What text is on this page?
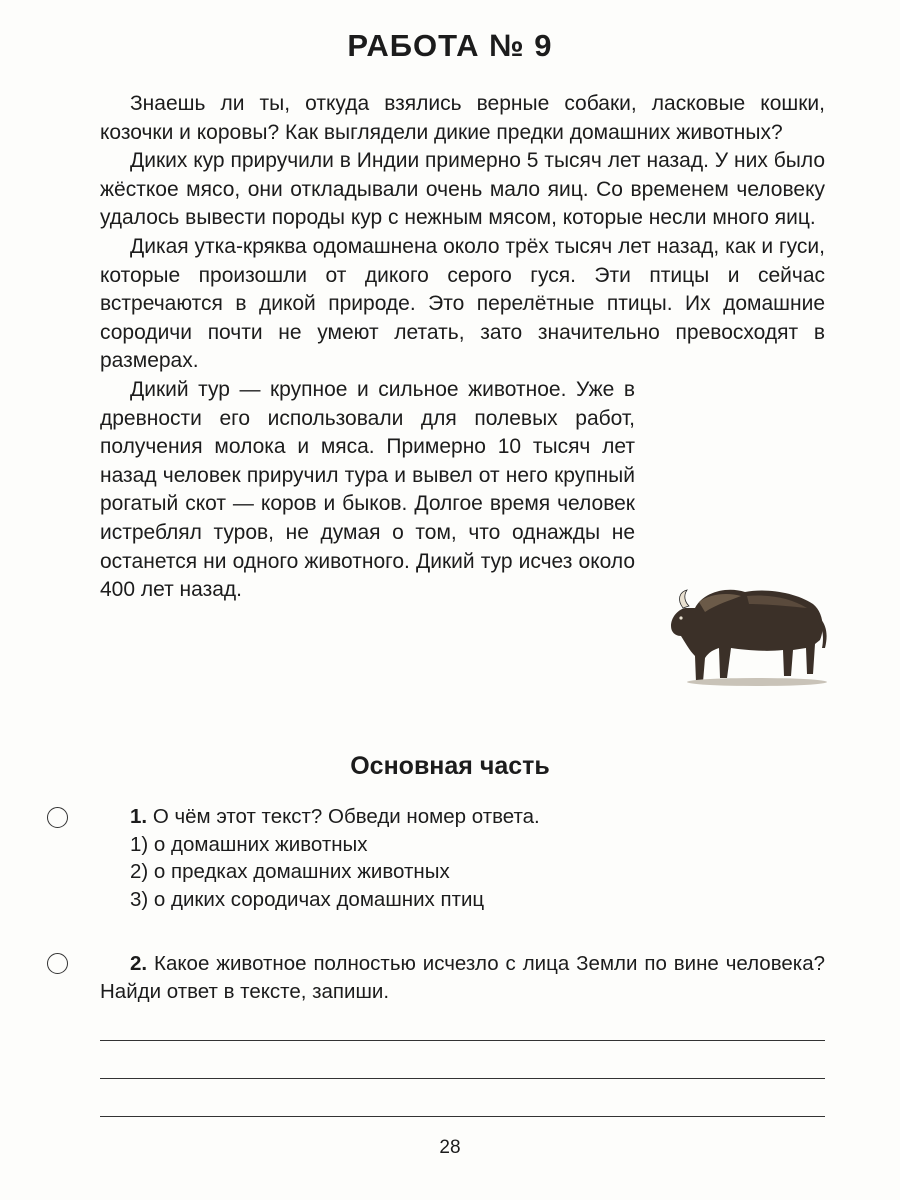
РАБОТА № 9

Знаешь ли ты, откуда взялись верные собаки, ласковые кошки, козочки и коровы? Как выглядели дикие предки домашних животных?

Диких кур приручили в Индии примерно 5 тысяч лет назад. У них было жёсткое мясо, они откладывали очень мало яиц. Со временем человеку удалось вывести породы кур с нежным мясом, которые несли много яиц.

Дикая утка-кряква одомашнена около трёх тысяч лет назад, как и гуси, которые произошли от дикого серого гуся. Эти птицы и сейчас встречаются в дикой природе. Это перелётные птицы. Их домашние сородичи почти не умеют летать, зато значительно превосходят в размерах.

Дикий тур — крупное и сильное животное. Уже в древности его использовали для полевых работ, получения молока и мяса. Примерно 10 тысяч лет назад человек приручил тура и вывел от него крупный рогатый скот — коров и быков. Долгое время человек истреблял туров, не думая о том, что однажды не останется ни одного животного. Дикий тур исчез около 400 лет назад.

Основная часть

1. О чём этот текст? Обведи номер ответа.

1) о домашних животных

2) о предках домашних животных

3) о диких сородичах домашних птиц

2. Какое животное полностью исчезло с лица Земли по вине человека? Найди ответ в тексте, запиши.

28
